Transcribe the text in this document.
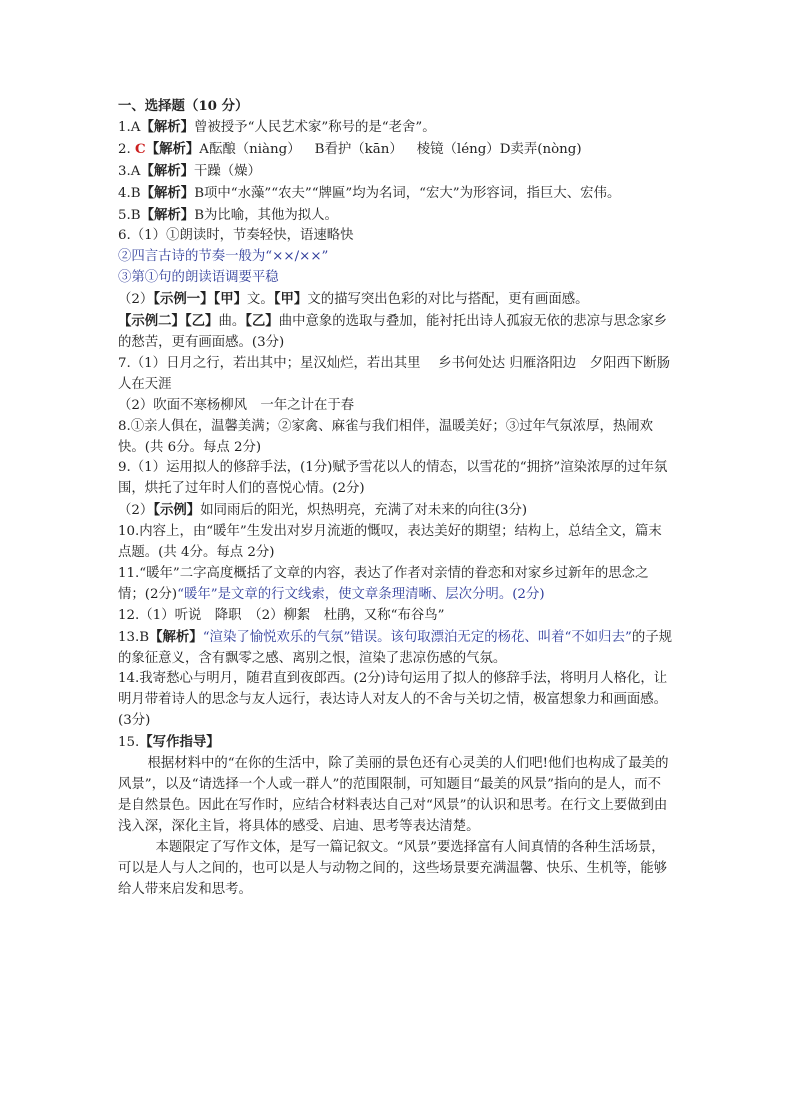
一、选择题（10 分）
1.A【解析】曾被授予“人民艺术家”称号的是“老舍”。
2. C【解析】A酝酿（niàng） B看护（kān） 棱镜（léng）D卖弄(nòng)
3.A【解析】干躁（燥）
4.B【解析】B项中“水藻”“农夫”“牌匾”均为名词，“宏大”为形容词，指巨大、宏伟。
5.B【解析】B为比喻，其他为拟人。
6.（1）①朗读时，节奏轻快，语速略快
②四言古诗的节奏一般为“××/××”
③第①句的朗读语调要平稳
（2）【示例一】【甲】文。【甲】文的描写突出色彩的对比与搭配，更有画面感。
【示例二】【乙】曲。【乙】曲中意象的选取与叠加，能衬托出诗人孤寂无依的悲凉与思念家乡的愁苦，更有画面感。(3分)
7.（1）日月之行，若出其中；星汉灿烂，若出其里　 乡书何处达 归雁洛阳边　夕阳西下断肠人在天涯
（2）吹面不寒杨柳风　一年之计在于春
8.①亲人俱在，温馨美满；②家禽、麻雀与我们相伴，温暖美好；③过年气氛浓厚，热闹欢快。(共 6分。每点 2分)
9.（1）运用拟人的修辞手法，(1分)赋予雪花以人的情态，以雪花的“拥挤”渲染浓厚的过年氛围，烘托了过年时人们的喜悦心情。(2分)
（2）【示例】如同雨后的阳光，炽热明亮，充满了对未来的向往(3分)
10.内容上，由“暖年”生发出对岁月流逝的慨叹，表达美好的期望；结构上，总结全文，篇末点题。(共 4分。每点 2分)
11.“暖年”二字高度概括了文章的内容，表达了作者对亲情的眷恋和对家乡过新年的思念之情；(2分)“暖年”是文章的行文线索，使文章条理清晰、层次分明。(2分)
12.（1）听说　降职　（2）柳絮　杜鹃，又称“布谷鸟”
13.B【解析】“渲染了愉悦欢乐的气氛”错误。该句取漂泊无定的杨花、叫着“不如归去”的子规的象征意义，含有飘零之感、离别之恨，渲染了悲凉伤感的气氛。
14.我寄愁心与明月，随君直到夜郎西。(2分)诗句运用了拟人的修辞手法，将明月人格化，让明月带着诗人的思念与友人远行，表达诗人对友人的不舍与关切之情，极富想象力和画面感。(3分)
15.【写作指导】
根据材料中的“在你的生活中，除了美丽的景色还有心灵美的人们吧!他们也构成了最美的风景”，以及“请选择一个人或一群人”的范围限制，可知题目“最美的风景”指向的是人，而不是自然景色。因此在写作时，应结合材料表达自己对“风景”的认识和思考。在行文上要做到由浅入深，深化主旨，将具体的感受、启迪、思考等表达清楚。
本题限定了写作文体，是写一篇记叙文。“风景”要选择富有人间真情的各种生活场景，可以是人与人之间的，也可以是人与动物之间的，这些场景要充满温馨、快乐、生机等，能够给人带来启发和思考。
